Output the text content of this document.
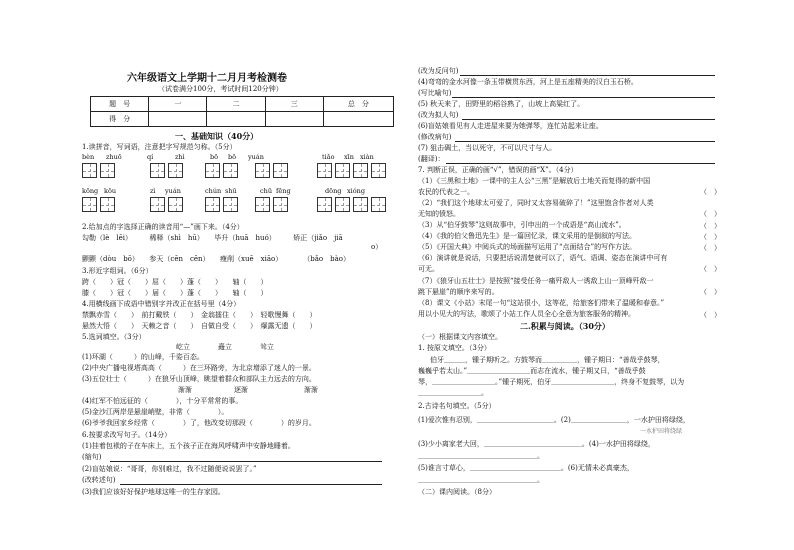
六年级语文上学期十二月月考检测卷
（试卷满分100分，考试时间120分钟）
题　号	一	二	三	总　分
得　分				
一、基础知识（40分）
1.读拼音，写词语，注意把字写规范匀称。（5分）
bèn zhuō	qí	zhì	bō bō yuán	tiǎo xīn xiàn
kōng kōu	zì yuán	chún shū	chū fēng	dōng xióng
2.给加点的字选择正确的读音用“—”画下来。（4分）
勾勒（lè　lēi）　　　稀释（shì　hū）　　毕升（huā　huó）　　　矫正（jiǎo　jiā
o）
颤颤（dòu　bō）　　参天（cēn　cēn）　　瘦削（xuē　xiāo）　　　　（bǎo　bào）
3.形近字组词。（6分）
跨（　　）冠（　　）屈（　　）蓬（　　）　　轴（　　）
膝（　　）冠（　　）届（　　）蓬（　　）　　轴（　　）
4.用横线画下成语中错别字并改正在括号里（4分）
禁飘赤雪（　　）　前打戴铁（　　）　金翁擂住（　　）　轻歌慢舞（　　）
悬然大悟（　　）　天赖之音（　　）　自做自受（　　）　爆露无遗（　　）
5.选词填空。（3分）
屹立　　　　矗立　　　　耸立
(1)环湖（　　　）的山峰，千姿百态。
(2)中央广播电视塔高高（　　　）在三环路旁，为北京增添了迷人的一景。
(3)五位壮士（　　　）在狼牙山顶峰，眺望着群众和部队主力远去的方向。
渐渐　　　　　　逐渐　　　　　　　　渐渐
(4)红军不怕远征的（　　　　），十分平常常的事。
(5)金沙江两岸是悬崖峭壁，非常（　　　　）。
(6)爷爷我回家乡经常（　　　　）了，他改变切那段（　　　　）的岁月。
6.按要求改写句子。（14分）
(1)挂着包袱的子在车床上，五个孩子正在海风呼啸声中安静地睡着。
(缩句)
(2)盲姑娘说：“哥哥，你别难过，我不过随便说说罢了。”
(改转述句)
(3)我们应该好好保护地球这唯一的生存家园。
(改为反问句)
(4)弯弯的金水河像一条玉带横贯东西，河上是五座精美的汉白玉石桥。
(写比喻句)
(5) 秋天来了，田野里的稻谷熟了，山坡上高粱红了。
(改为拟人句)
(6)盲姑娘看见有人走进屋来要为她弹琴，连忙站起来让座。
(修改病句)
(7) 狙击碉土，当以死守，不可以尺寸与人。
(翻译)：
7. 判断正误，正确的画“√”，错误的画“X”。（4分）
（1）《三黑和土地》一课中的主人公“三黑”是解放后土地关而复得的新中国
农民的代表之一。	（　）
（2）“我们这个地球太可爱了，同时又太容易破碎了！”这里饱含作者对人类
无知的愤怒。	（　）
（3）从“伯牙鼓琴”这则故事中，引申出的一个成语是“高山流水”。	（　）
（4）《我的伯父鲁迅先生》是一篇回忆录，课文采用的是倒叙的写法。	（　）
（5）《开国大典》中阅兵式的场面描写运用了“点面结合”的写作方法。	（　）
（6）演讲就是说话，只要把话说清楚就可以了，语气、语调、姿态在演讲中可有
可无。	（　）
（7）《狼牙山五壮士》是按照“接受任务一痛歼敌人一诱敌上山一顶峰歼敌一
跳下悬崖”的顺序来写的。	（　）
（8）课文《小站》末尾一句“这站很小，这等花，给旅客们带来了温暖和春意。”
用以小见大的写法，歌颂了小站工作人员全心全意为旅客服务的精神。	（　）
二.积累与阅读。（30分）
（一）根据课文内容填空。
1. 按原文填空。（3分）
伯牙＿＿＿，锺子期听之。方鼓琴而＿＿＿＿＿，锺子期曰：“善哉乎鼓琴，
巍巍乎若太山。”＿＿＿＿＿＿＿＿＿而志在流水，锺子期又曰，“善哉乎鼓
琴，＿＿＿＿＿＿＿＿＿。”锺子期死，伯牙＿＿＿＿＿＿＿＿＿，终身不复鼓琴，以为
＿＿＿＿＿＿＿＿＿。
2.古诗名句填空。（5分）
(1)爱次惟有忍别，＿＿＿＿＿＿＿＿＿＿＿。(2)＿＿＿＿＿＿＿＿，一水护田将绿绕，
一水护田将绕绿
(3)少小离家老大回，＿＿＿＿＿＿＿＿＿＿＿＿＿＿。(4)一水护田将绿绕，
＿＿＿＿＿＿＿＿＿＿＿＿＿＿＿＿＿。
(5)谁言寸草心，＿＿＿＿＿＿＿＿＿＿＿＿＿。(6)无情未必真豪杰，
＿＿＿＿＿＿＿＿＿＿＿＿＿＿＿＿＿。
（二）课内阅读。（8分）
